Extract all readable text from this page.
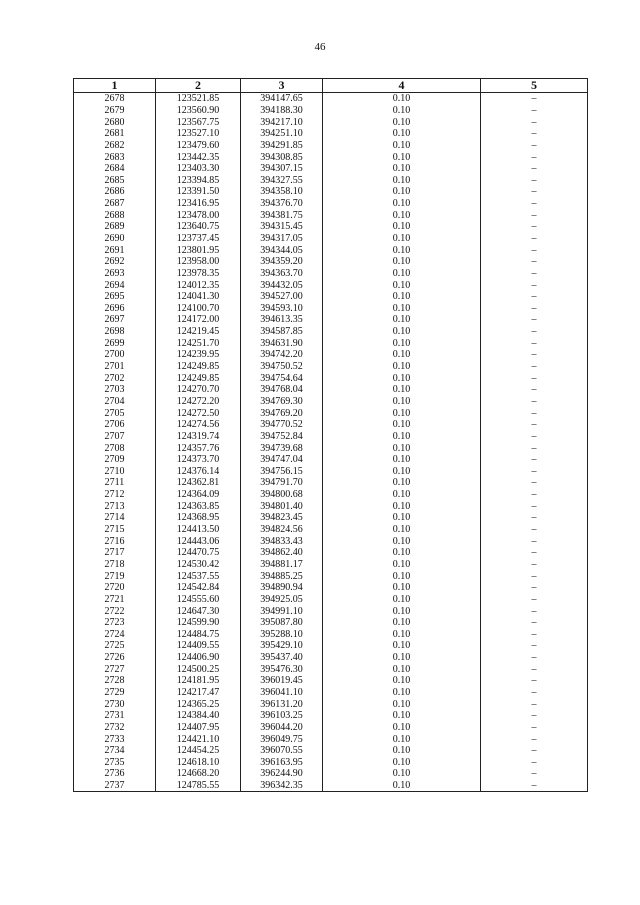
46
1	2	3	4	5
2678	123521.85	394147.65	0.10	–
2679	123560.90	394188.30	0.10	–
2680	123567.75	394217.10	0.10	–
2681	123527.10	394251.10	0.10	–
2682	123479.60	394291.85	0.10	–
2683	123442.35	394308.85	0.10	–
2684	123403.30	394307.15	0.10	–
2685	123394.85	394327.55	0.10	–
2686	123391.50	394358.10	0.10	–
2687	123416.95	394376.70	0.10	–
2688	123478.00	394381.75	0.10	–
2689	123640.75	394315.45	0.10	–
2690	123737.45	394317.05	0.10	–
2691	123801.95	394344.05	0.10	–
2692	123958.00	394359.20	0.10	–
2693	123978.35	394363.70	0.10	–
2694	124012.35	394432.05	0.10	–
2695	124041.30	394527.00	0.10	–
2696	124100.70	394593.10	0.10	–
2697	124172.00	394613.35	0.10	–
2698	124219.45	394587.85	0.10	–
2699	124251.70	394631.90	0.10	–
2700	124239.95	394742.20	0.10	–
2701	124249.85	394750.52	0.10	–
2702	124249.85	394754.64	0.10	–
2703	124270.70	394768.04	0.10	–
2704	124272.20	394769.30	0.10	–
2705	124272.50	394769.20	0.10	–
2706	124274.56	394770.52	0.10	–
2707	124319.74	394752.84	0.10	–
2708	124357.76	394739.68	0.10	–
2709	124373.70	394747.04	0.10	–
2710	124376.14	394756.15	0.10	–
2711	124362.81	394791.70	0.10	–
2712	124364.09	394800.68	0.10	–
2713	124363.85	394801.40	0.10	–
2714	124368.95	394823.45	0.10	–
2715	124413.50	394824.56	0.10	–
2716	124443.06	394833.43	0.10	–
2717	124470.75	394862.40	0.10	–
2718	124530.42	394881.17	0.10	–
2719	124537.55	394885.25	0.10	–
2720	124542.84	394890.94	0.10	–
2721	124555.60	394925.05	0.10	–
2722	124647.30	394991.10	0.10	–
2723	124599.90	395087.80	0.10	–
2724	124484.75	395288.10	0.10	–
2725	124409.55	395429.10	0.10	–
2726	124406.90	395437.40	0.10	–
2727	124500.25	395476.30	0.10	–
2728	124181.95	396019.45	0.10	–
2729	124217.47	396041.10	0.10	–
2730	124365.25	396131.20	0.10	–
2731	124384.40	396103.25	0.10	–
2732	124407.95	396044.20	0.10	–
2733	124421.10	396049.75	0.10	–
2734	124454.25	396070.55	0.10	–
2735	124618.10	396163.95	0.10	–
2736	124668.20	396244.90	0.10	–
2737	124785.55	396342.35	0.10	–
